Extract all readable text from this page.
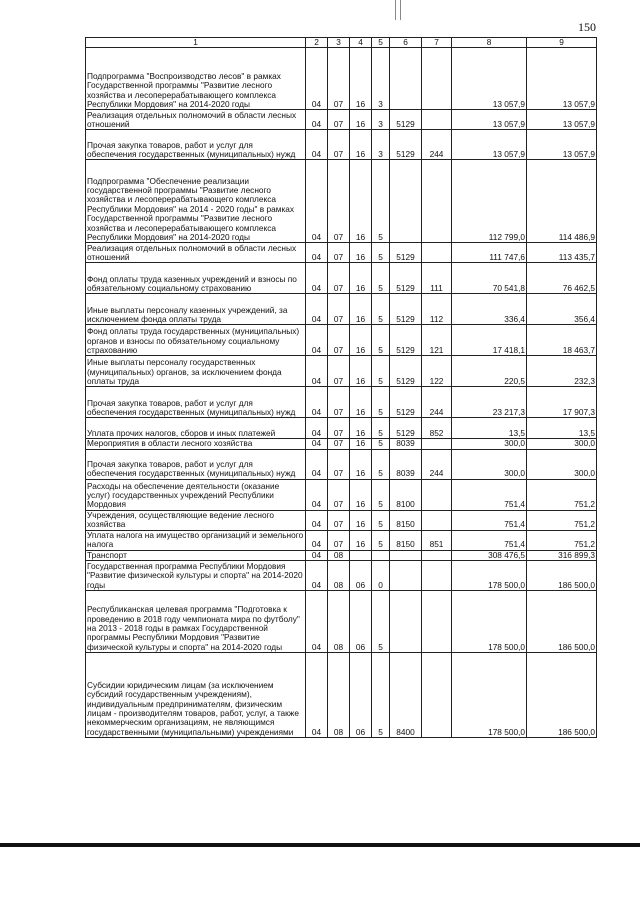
150
1	2	3	4	5	6	7	8	9
Подпрограмма "Воспроизводство лесов" в рамках Государственной программы "Развитие лесного хозяйства и лесоперерабатывающего комплекса Республики Мордовия" на 2014-2020 годы	04	07	16	3			13 057,9	13 057,9
Реализация отдельных полномочий в области лесных отношений	04	07	16	3	5129		13 057,9	13 057,9
Прочая закупка товаров, работ и услуг для обеспечения государственных (муниципальных) нужд	04	07	16	3	5129	244	13 057,9	13 057,9
Подпрограмма "Обеспечение реализации государственной программы "Развитие лесного хозяйства и лесоперерабатывающего комплекса Республики Мордовия" на 2014 - 2020 годы" в рамках Государственной программы "Развитие лесного хозяйства и лесоперерабатывающего комплекса Республики Мордовия" на 2014-2020 годы	04	07	16	5			112 799,0	114 486,9
Реализация отдельных полномочий в области лесных отношений	04	07	16	5	5129		111 747,6	113 435,7
Фонд оплаты труда казенных учреждений и взносы по обязательному социальному страхованию	04	07	16	5	5129	111	70 541,8	76 462,5
Иные выплаты персоналу казенных учреждений, за исключением фонда оплаты труда	04	07	16	5	5129	112	336,4	356,4
Фонд оплаты труда государственных (муниципальных) органов и взносы по обязательному социальному страхованию	04	07	16	5	5129	121	17 418,1	18 463,7
Иные выплаты персоналу государственных (муниципальных) органов, за исключением фонда оплаты труда	04	07	16	5	5129	122	220,5	232,3
Прочая закупка товаров, работ и услуг для обеспечения государственных (муниципальных) нужд	04	07	16	5	5129	244	23 217,3	17 907,3
Уплата прочих налогов, сборов и иных платежей	04	07	16	5	5129	852	13,5	13,5
Мероприятия в области лесного хозяйства	04	07	16	5	8039		300,0	300,0
Прочая закупка товаров, работ и услуг для обеспечения государственных (муниципальных) нужд	04	07	16	5	8039	244	300,0	300,0
Расходы на обеспечение деятельности (оказание услуг) государственных учреждений Республики Мордовия	04	07	16	5	8100		751,4	751,2
Учреждения, осуществляющие ведение лесного хозяйства	04	07	16	5	8150		751,4	751,2
Уплата налога на имущество организаций и земельного налога	04	07	16	5	8150	851	751,4	751,2
Транспорт	04	08					308 476,5	316 899,3
Государственная программа Республики Мордовия "Развитие физической культуры и спорта" на 2014-2020 годы	04	08	06	0			178 500,0	186 500,0
Республиканская целевая программа "Подготовка к проведению в 2018 году чемпионата мира по футболу" на 2013 - 2018 годы в рамках Государственной программы Республики Мордовия "Развитие физической культуры и спорта" на 2014-2020 годы	04	08	06	5			178 500,0	186 500,0
Субсидии юридическим лицам (за исключением субсидий государственным учреждениям), индивидуальным предпринимателям, физическим лицам - производителям товаров, работ, услуг, а также некоммерческим организациям, не являющимся государственными (муниципальными) учреждениями	04	08	06	5	8400		178 500,0	186 500,0
